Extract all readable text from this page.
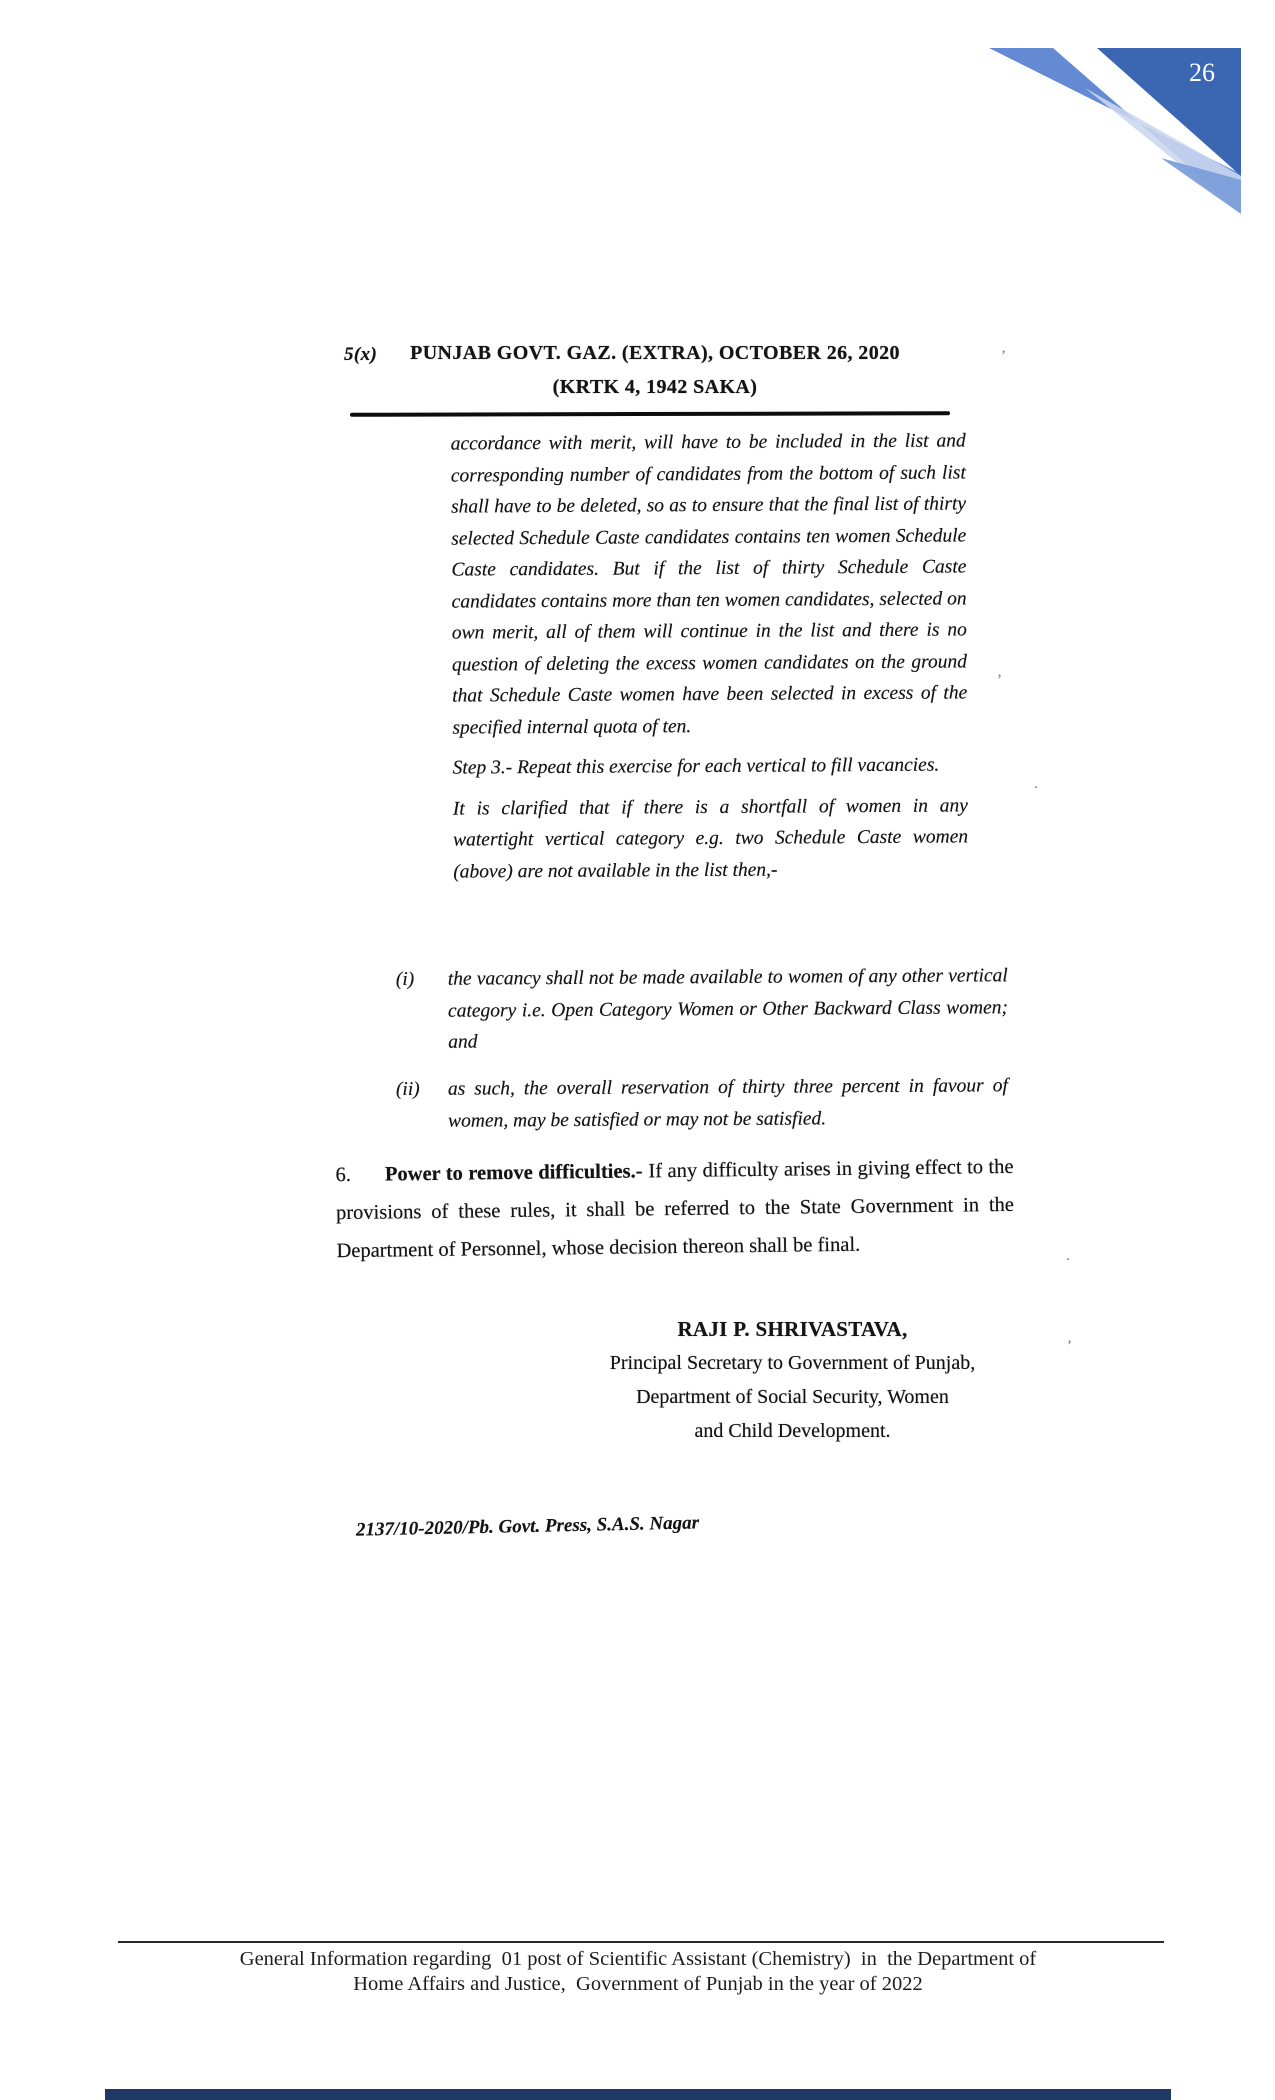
26
5(x)	PUNJAB GOVT. GAZ. (EXTRA), OCTOBER 26, 2020
(KRTK 4, 1942 SAKA)

accordance with merit, will have to be included in the list and corresponding number of candidates from the bottom of such list shall have to be deleted, so as to ensure that the final list of thirty selected Schedule Caste candidates contains ten women Schedule Caste candidates. But if the list of thirty Schedule Caste candidates contains more than ten women candidates, selected on own merit, all of them will continue in the list and there is no question of deleting the excess women candidates on the ground that Schedule Caste women have been selected in excess of the specified internal quota of ten.

Step 3.- Repeat this exercise for each vertical to fill vacancies.

It is clarified that if there is a shortfall of women in any watertight vertical category e.g. two Schedule Caste women (above) are not available in the list then,-

(i) the vacancy shall not be made available to women of any other vertical category i.e. Open Category Women or Other Backward Class women; and
(ii) as such, the overall reservation of thirty three percent in favour of women, may be satisfied or may not be satisfied.
6. Power to remove difficulties.- If any difficulty arises in giving effect to the provisions of these rules, it shall be referred to the State Government in the Department of Personnel, whose decision thereon shall be final.
RAJI P. SHRIVASTAVA,
Principal Secretary to Government of Punjab,
Department of Social Security, Women
and Child Development.
2137/10-2020/Pb. Govt. Press, S.A.S. Nagar
’
’
·
·
’
General Information regarding  01 post of Scientific Assistant (Chemistry)  in  the Department of
Home Affairs and Justice,  Government of Punjab in the year of 2022
